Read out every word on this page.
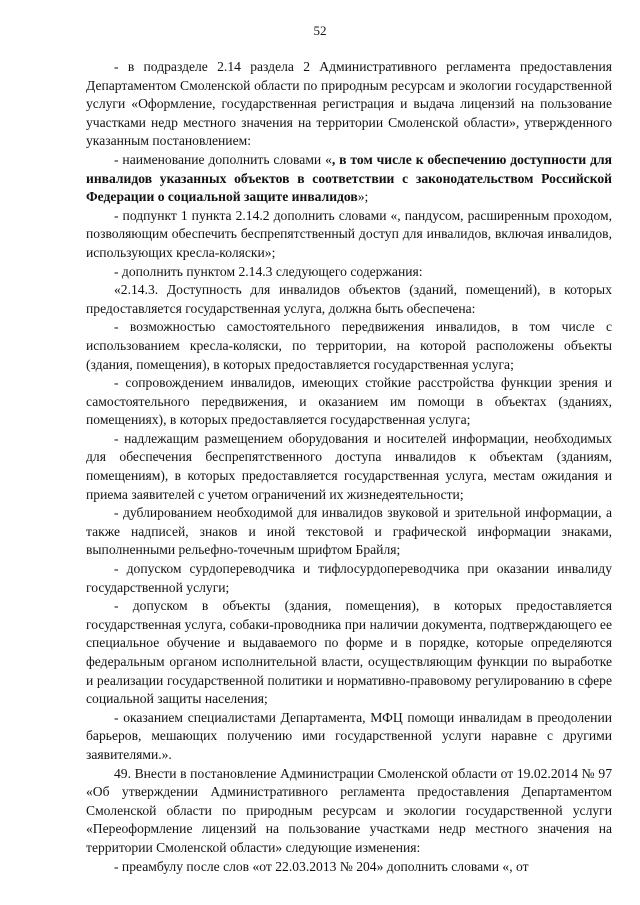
52

- в подразделе 2.14 раздела 2 Административного регламента предоставления Департаментом Смоленской области по природным ресурсам и экологии государственной услуги «Оформление, государственная регистрация и выдача лицензий на пользование участками недр местного значения на территории Смоленской области», утвержденного указанным постановлением:

- наименование дополнить словами «, в том числе к обеспечению доступности для инвалидов указанных объектов в соответствии с законодательством Российской Федерации о социальной защите инвалидов»;

- подпункт 1 пункта 2.14.2 дополнить словами «, пандусом, расширенным проходом, позволяющим обеспечить беспрепятственный доступ для инвалидов, включая инвалидов, использующих кресла-коляски»;

- дополнить пунктом 2.14.3 следующего содержания:

«2.14.3. Доступность для инвалидов объектов (зданий, помещений), в которых предоставляется государственная услуга, должна быть обеспечена:

- возможностью самостоятельного передвижения инвалидов, в том числе с использованием кресла-коляски, по территории, на которой расположены объекты (здания, помещения), в которых предоставляется государственная услуга;

- сопровождением инвалидов, имеющих стойкие расстройства функции зрения и самостоятельного передвижения, и оказанием им помощи в объектах (зданиях, помещениях), в которых предоставляется государственная услуга;

- надлежащим размещением оборудования и носителей информации, необходимых для обеспечения беспрепятственного доступа инвалидов к объектам (зданиям, помещениям), в которых предоставляется государственная услуга, местам ожидания и приема заявителей с учетом ограничений их жизнедеятельности;

- дублированием необходимой для инвалидов звуковой и зрительной информации, а также надписей, знаков и иной текстовой и графической информации знаками, выполненными рельефно-точечным шрифтом Брайля;

- допуском сурдопереводчика и тифлосурдопереводчика при оказании инвалиду государственной услуги;

- допуском в объекты (здания, помещения), в которых предоставляется государственная услуга, собаки-проводника при наличии документа, подтверждающего ее специальное обучение и выдаваемого по форме и в порядке, которые определяются федеральным органом исполнительной власти, осуществляющим функции по выработке и реализации государственной политики и нормативно-правовому регулированию в сфере социальной защиты населения;

- оказанием специалистами Департамента, МФЦ помощи инвалидам в преодолении барьеров, мешающих получению ими государственной услуги наравне с другими заявителями.».

49. Внести в постановление Администрации Смоленской области от 19.02.2014 № 97 «Об утверждении Административного регламента предоставления Департаментом Смоленской области по природным ресурсам и экологии государственной услуги «Переоформление лицензий на пользование участками недр местного значения на территории Смоленской области» следующие изменения:

- преамбулу после слов «от 22.03.2013 № 204» дополнить словами «, от
